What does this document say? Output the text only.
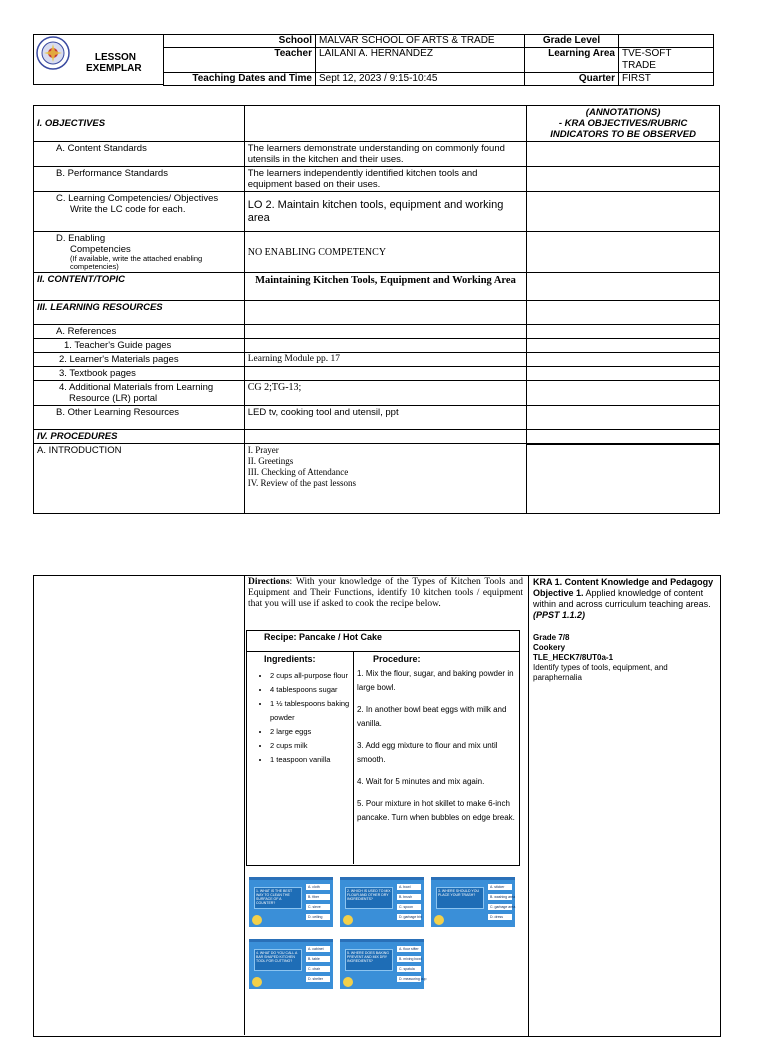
LESSON
EXEMPLAR
School	MALVAR SCHOOL OF ARTS & TRADE	Grade Level	
Teacher	LAILANI A. HERNANDEZ	Learning Area	TVE-SOFT
TRADE

Teaching Dates and Time	Sept 12, 2023 / 9:15-10:45	Quarter	FIRST
I. OBJECTIVES		(ANNOTATIONS)
- KRA OBJECTIVES/RUBRIC
INDICATORS TO BE OBSERVED

A. Content Standards	The learners demonstrate understanding on commonly found utensils in the kitchen and their uses.	
B. Performance Standards	The learners independently identified kitchen tools and equipment based on their uses.	

C. Learning Competencies/ Objectives
Write the LC code for each.	LO 2. Maintain kitchen tools, equipment and working area	

D. Enabling
Competencies
(If available, write the attached enabling competencies)	NO ENABLING COMPETENCY	
II. CONTENT/TOPIC	Maintaining Kitchen Tools, Equipment and Working Area	
III. LEARNING RESOURCES		
A. References		
1. Teacher's Guide pages		
2. Learner's Materials pages	Learning Module pp. 17	
3. Textbook pages		

4. Additional Materials from Learning
Resource (LR) portal	CG 2;TG-13;	
B. Other Learning Resources	LED tv, cooking tool and utensil, ppt	
IV. PROCEDURES		
A. INTRODUCTION	I. Prayer
II. Greetings
III. Checking of Attendance
IV. Review of the past lessons	

Directions: With your knowledge of the Types of Kitchen Tools and Equipment and Their Functions, identify 10 kitchen tools / equipment that you will use if asked to cook the recipe below.
Recipe: Pancake / Hot Cake
Ingredients:	Procedure:
• 2 cups all-purpose flour
• 4 tablespoons sugar
• 1 ½ tablespoons baking powder
• 2 large eggs
• 2 cups milk
• 1 teaspoon vanilla

1. Mix the flour, sugar, and baking powder in large bowl.

2. In another bowl beat eggs with milk and vanilla.

3. Add egg mixture to flour and mix until smooth.

4. Wait for 5 minutes and mix again.

5. Pour mixture in hot skillet to make 6-inch pancake. Turn when bubbles on edge break.

1. WHAT IS THE BEST WAY TO CLEAN THE SURFACE OF A COUNTER?
A. cloth
B. fiber
C. sieve
D. ceiling
2. WHICH IS USED TO MIX FLOUR AND OTHER DRY INGREDIENTS?
A. bowl
B. brush
C. spoon
D. garbage bin
3. WHERE SHOULD YOU PLACE YOUR TRASH?
A. sticker
B. washing area
C. garbage area
D. dress
4. WHAT DO YOU CALL A BAR SHAPED KITCHEN TOOL FOR CUTTING?
A. cabinet
B. table
C. chair
D. shelter
5. WHERE DOES BAKING PREVENT AND MIX DRY INGREDIENTS?
A. flour sifter
B. mixing bowl
C. spatula
D. measuring cup
KRA 1. Content Knowledge and Pedagogy
Objective 1. Applied knowledge of content within and across curriculum teaching areas. (PPST 1.1.2)
Grade 7/8
Cookery
TLE_HECK7/8UT0a-1
Identify types of tools, equipment, and paraphernalia
